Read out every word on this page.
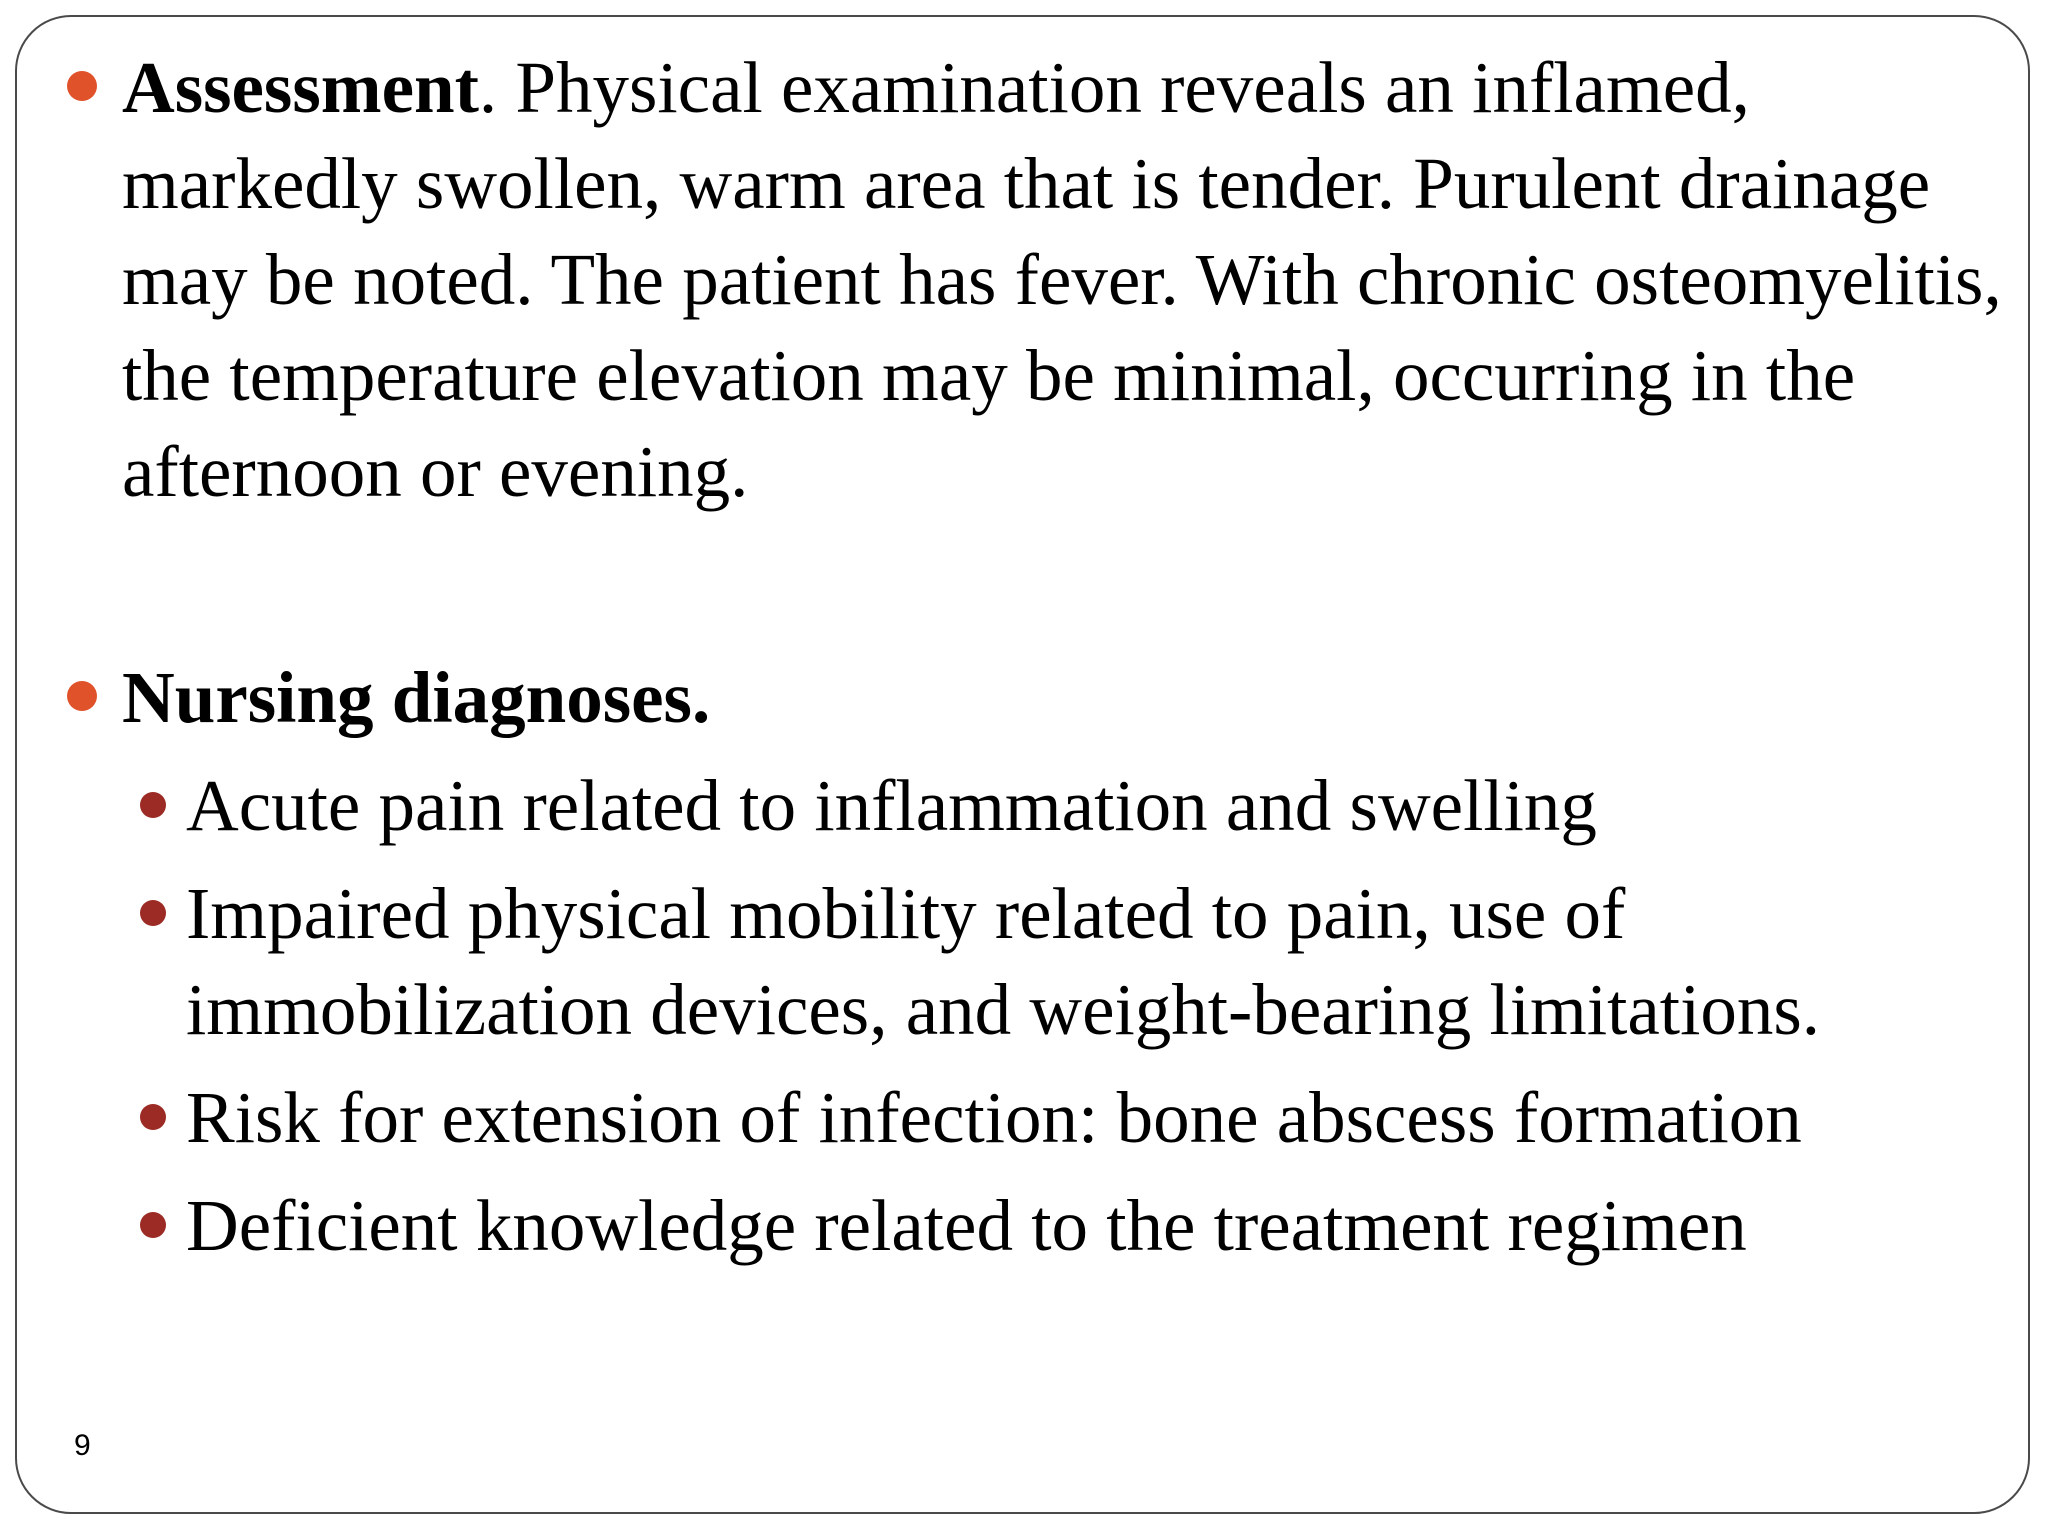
Assessment. Physical examination reveals an inflamed, markedly swollen, warm area that is tender. Purulent drainage may be noted. The patient has fever. With chronic osteomyelitis, the temperature elevation may be minimal, occurring in the afternoon or evening.
Nursing diagnoses.
Acute pain related to inflammation and swelling
Impaired physical mobility related to pain, use of immobilization devices, and weight-bearing limitations.
Risk for extension of infection: bone abscess formation
Deficient knowledge related to the treatment regimen
9
